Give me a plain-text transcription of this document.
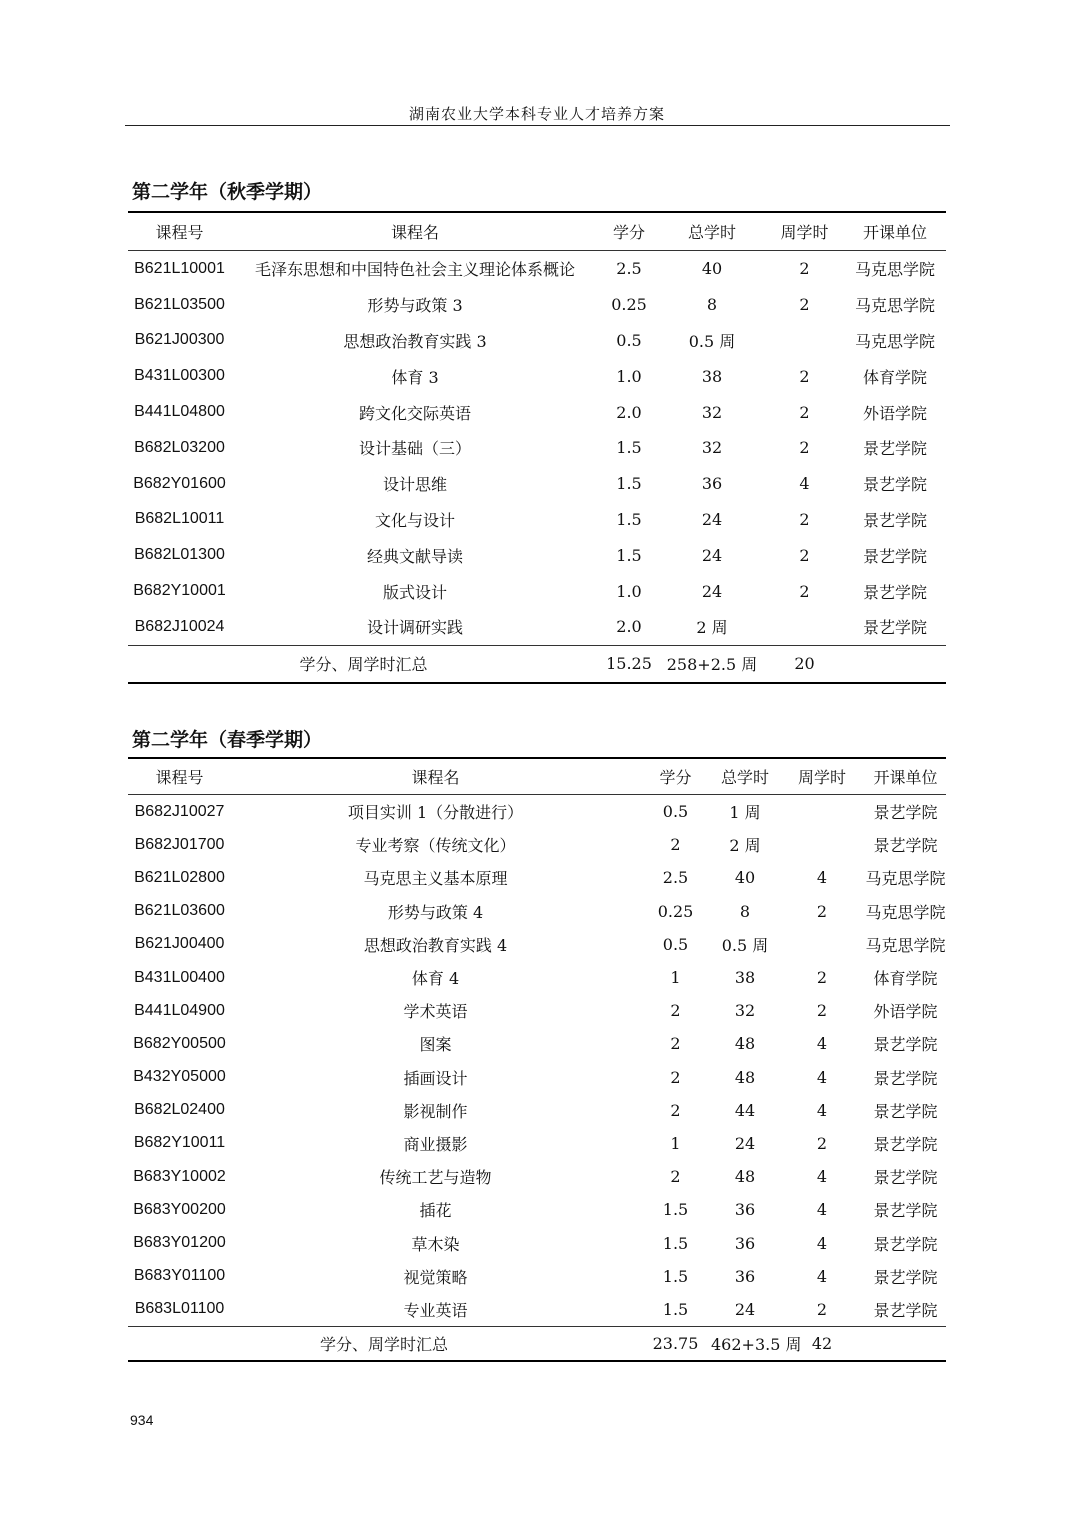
湖南农业大学本科专业人才培养方案
第二学年（秋季学期）
课程号	课程名	学分	总学时	周学时	开课单位
B621L10001	毛泽东思想和中国特色社会主义理论体系概论	2.5	40	2	马克思学院
B621L03500	形势与政策 3	0.25	8	2	马克思学院
B621J00300	思想政治教育实践 3	0.5	0.5 周		马克思学院
B431L00300	体育 3	1.0	38	2	体育学院
B441L04800	跨文化交际英语	2.0	32	2	外语学院
B682L03200	设计基础（三）	1.5	32	2	景艺学院
B682Y01600	设计思维	1.5	36	4	景艺学院
B682L10011	文化与设计	1.5	24	2	景艺学院
B682L01300	经典文献导读	1.5	24	2	景艺学院
B682Y10001	版式设计	1.0	24	2	景艺学院
B682J10024	设计调研实践	2.0	2 周		景艺学院
学分、周学时汇总		15.25	258+2.5 周	20	
第二学年（春季学期）
课程号	课程名	学分	总学时	周学时	开课单位
B682J10027	项目实训 1（分散进行）	0.5	1 周		景艺学院
B682J01700	专业考察（传统文化）	2	2 周		景艺学院
B621L02800	马克思主义基本原理	2.5	40	4	马克思学院
B621L03600	形势与政策 4	0.25	8	2	马克思学院
B621J00400	思想政治教育实践 4	0.5	0.5 周		马克思学院
B431L00400	体育 4	1	38	2	体育学院
B441L04900	学术英语	2	32	2	外语学院
B682Y00500	图案	2	48	4	景艺学院
B432Y05000	插画设计	2	48	4	景艺学院
B682L02400	影视制作	2	44	4	景艺学院
B682Y10011	商业摄影	1	24	2	景艺学院
B683Y10002	传统工艺与造物	2	48	4	景艺学院
B683Y00200	插花	1.5	36	4	景艺学院
B683Y01200	草木染	1.5	36	4	景艺学院
B683Y01100	视觉策略	1.5	36	4	景艺学院
B683L01100	专业英语	1.5	24	2	景艺学院
学分、周学时汇总		23.75	462+3.5 周	42	
934
